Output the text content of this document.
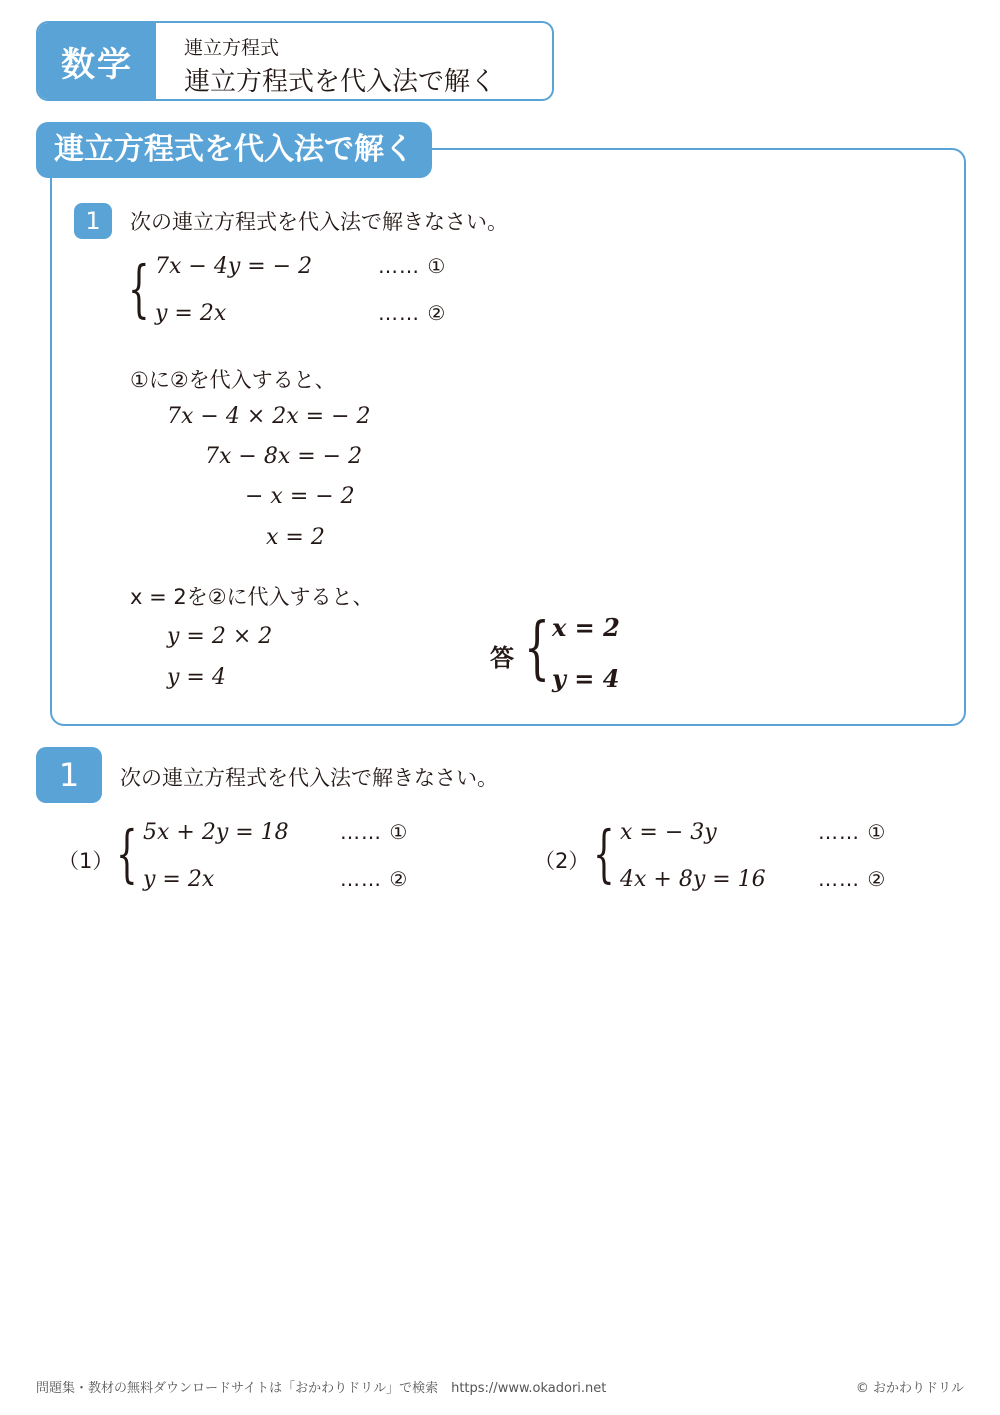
数学	連立方程式
連立方程式を代入法で解く
連立方程式を代入法で解く
1	次の連立方程式を代入法で解きなさい。
{ 7x − 4y = − 2	…… ①
y = 2x	…… ②
①に②を代入すると、
7x − 4 × 2x = − 2
7x − 8x = − 2
− x = − 2
x = 2
x = 2を②に代入すると、
y = 2 × 2
y = 4
答 { x = 2
y = 4
1	次の連立方程式を代入法で解きなさい。
（1） { 5x + 2y = 18	…… ①
y = 2x	…… ②
（2） { x = − 3y	…… ①
4x + 8y = 16	…… ②
問題集・教材の無料ダウンロードサイトは「おかわりドリル」で検索　https://www.okadori.net	© おかわりドリル
